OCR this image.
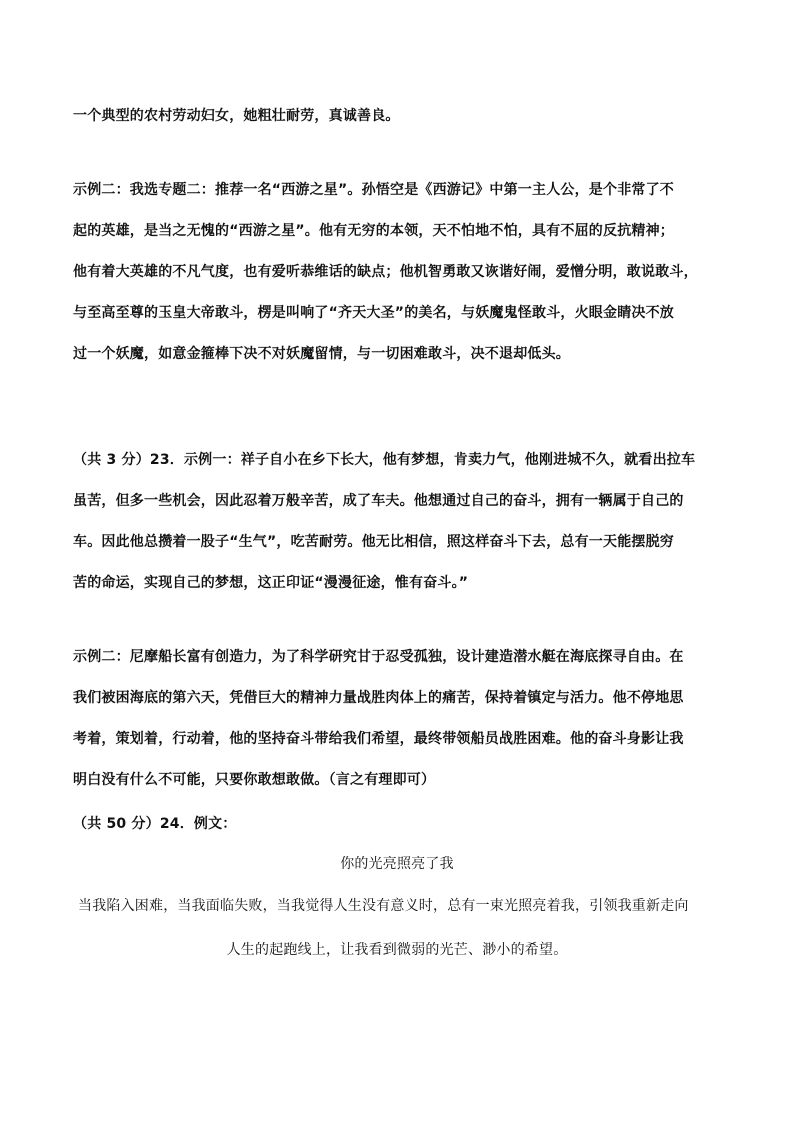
一个典型的农村劳动妇女，她粗壮耐劳，真诚善良。
示例二：我选专题二：推荐一名“西游之星”。孙悟空是《西游记》中第一主人公，是个非常了不
起的英雄，是当之无愧的“西游之星”。他有无穷的本领，天不怕地不怕，具有不屈的反抗精神；
他有着大英雄的不凡气度，也有爱听恭维话的缺点；他机智勇敢又诙谐好闹，爱憎分明，敢说敢斗，
与至高至尊的玉皇大帝敢斗，楞是叫响了“齐天大圣”的美名，与妖魔鬼怪敢斗，火眼金睛决不放
过一个妖魔，如意金箍棒下决不对妖魔留情，与一切困难敢斗，决不退却低头。
（共 3 分）23．示例一：祥子自小在乡下长大，他有梦想，肯卖力气，他刚进城不久，就看出拉车
虽苦，但多一些机会，因此忍着万般辛苦，成了车夫。他想通过自己的奋斗，拥有一辆属于自己的
车。因此他总攒着一股子“生气”，吃苦耐劳。他无比相信，照这样奋斗下去，总有一天能摆脱穷
苦的命运，实现自己的梦想，这正印证“漫漫征途，惟有奋斗。”
示例二：尼摩船长富有创造力，为了科学研究甘于忍受孤独，设计建造潜水艇在海底探寻自由。在
我们被困海底的第六天，凭借巨大的精神力量战胜肉体上的痛苦，保持着镇定与活力。他不停地思
考着，策划着，行动着，他的坚持奋斗带给我们希望，最终带领船员战胜困难。他的奋斗身影让我
明白没有什么不可能，只要你敢想敢做。（言之有理即可）
（共 50 分）24．例文：
你的光亮照亮了我
当我陷入困难，当我面临失败，当我觉得人生没有意义时，总有一束光照亮着我，引领我重新走向
人生的起跑线上，让我看到微弱的光芒、渺小的希望。
